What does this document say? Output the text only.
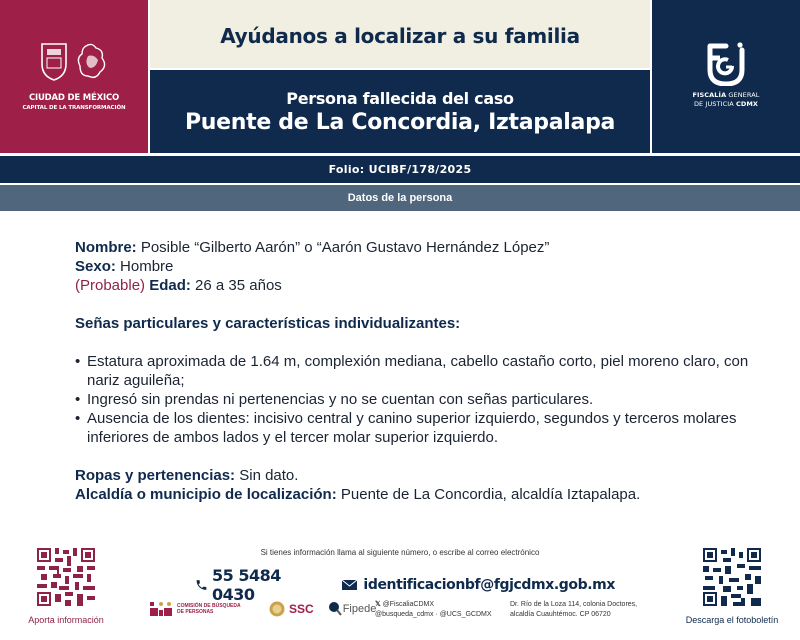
CIUDAD DE MÉXICO
CAPITAL DE LA TRANSFORMACIÓN
Ayúdanos a localizar a su familia
Persona fallecida del caso
Puente de La Concordia, Iztapalapa
FISCALÍA GENERAL
DE JUSTICIA CDMX
Folio: UCIBF/178/2025
Datos de la persona
Nombre: Posible “Gilberto Aarón” o “Aarón Gustavo Hernández López”
Sexo: Hombre
(Probable) Edad: 26 a 35 años
Señas particulares y características individualizantes:
• Estatura aproximada de 1.64 m, complexión mediana, cabello castaño corto, piel moreno claro, con nariz aguileña;
• Ingresó sin prendas ni pertenencias y no se cuentan con señas particulares.
• Ausencia de los dientes: incisivo central y canino superior izquierdo, segundos y terceros molares inferiores de ambos lados y el tercer molar superior izquierdo.
Ropas y pertenencias: Sin dato.
Alcaldía o municipio de localización: Puente de La Concordia, alcaldía Iztapalapa.
Aporta información	Descarga el fotoboletín
Si tienes información llama al siguiente número, o escribe al correo electrónico
55 5484 0430	identificacionbf@fgjcdmx.gob.mx
COMISIÓN DE BÚSQUEDA
DE PERSONAS	SSC	Fipede
𝕏 @FiscaliaCDMX
@busqueda_cdmx · @UCS_GCDMX
Dr. Río de la Loza 114, colonia Doctores,
alcaldía Cuauhtémoc. CP 06720
